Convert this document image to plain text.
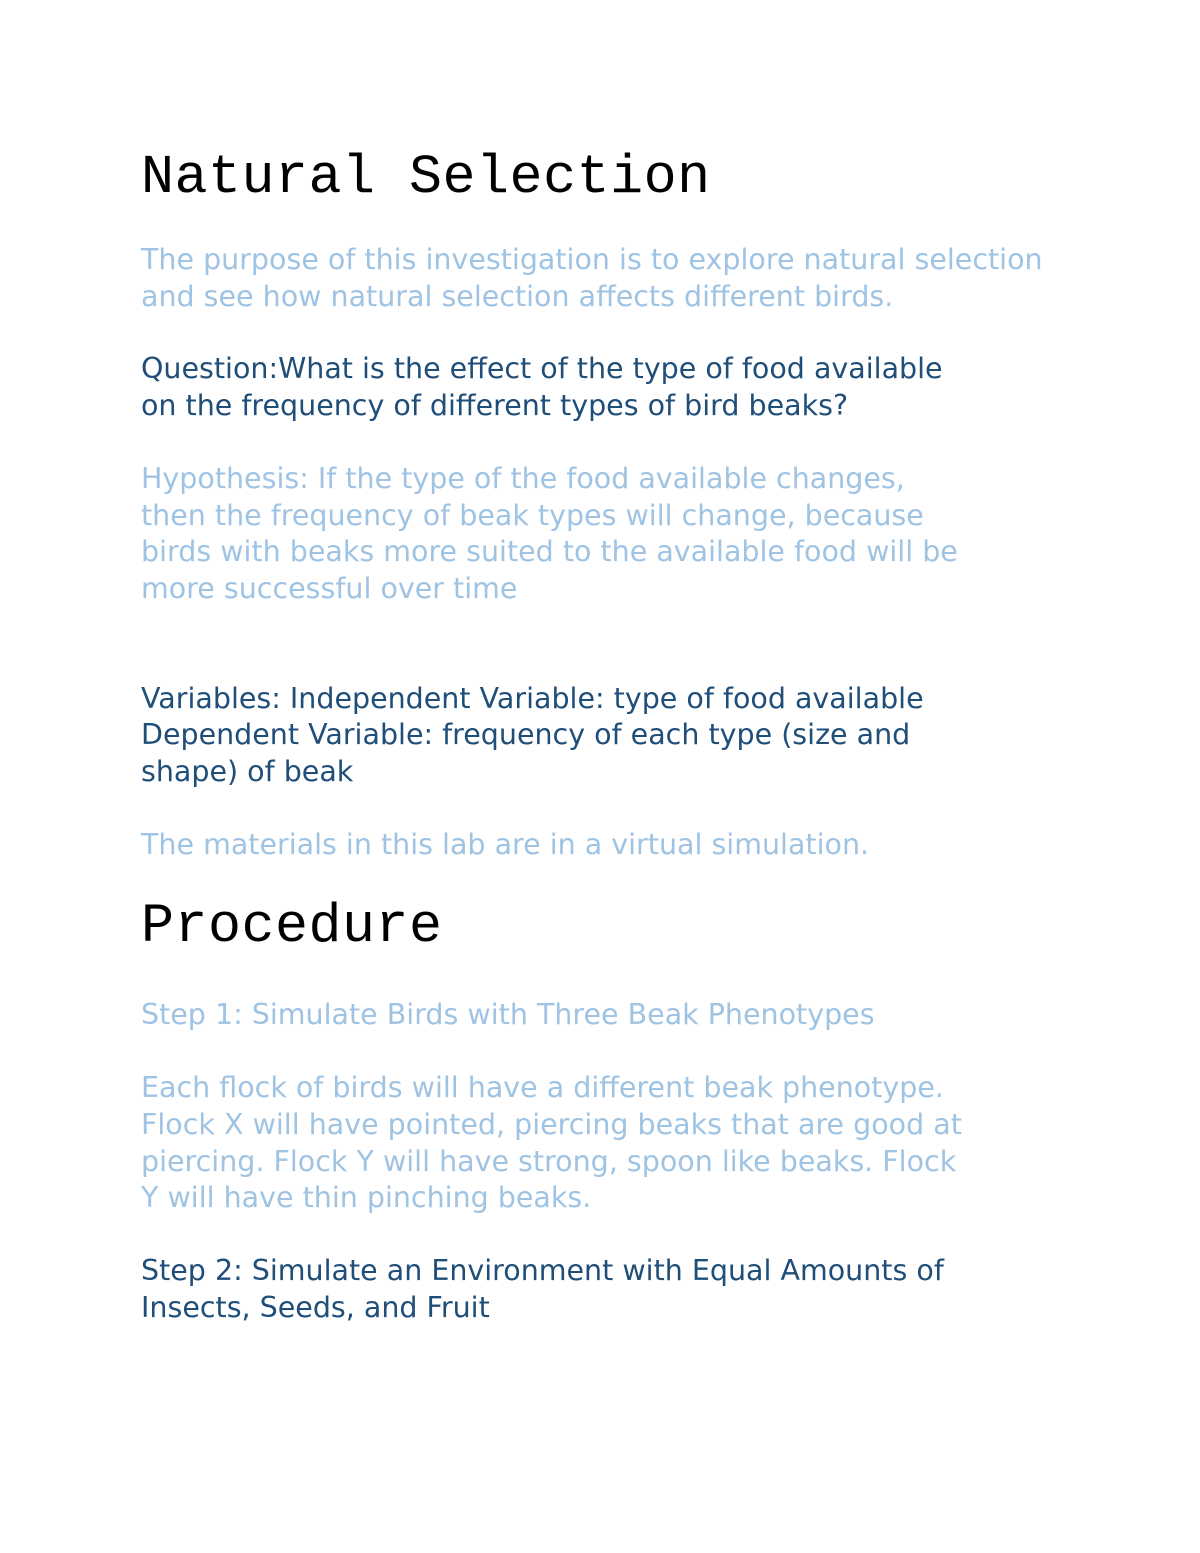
Natural Selection

The purpose of this investigation is to explore natural selection and see how natural selection affects different birds.

Question:What is the effect of the type of food available
on the frequency of different types of bird beaks?

Hypothesis: If the type of the food available changes,
then the frequency of beak types will change, because
birds with beaks more suited to the available food will be
more successful over time

Variables: Independent Variable: type of food available
Dependent Variable: frequency of each type (size and
shape) of beak

The materials in this lab are in a virtual simulation.

Procedure

Step 1: Simulate Birds with Three Beak Phenotypes

Each flock of birds will have a different beak phenotype.
Flock X will have pointed, piercing beaks that are good at
piercing. Flock Y will have strong, spoon like beaks. Flock
Y will have thin pinching beaks.

Step 2: Simulate an Environment with Equal Amounts of
Insects, Seeds, and Fruit
